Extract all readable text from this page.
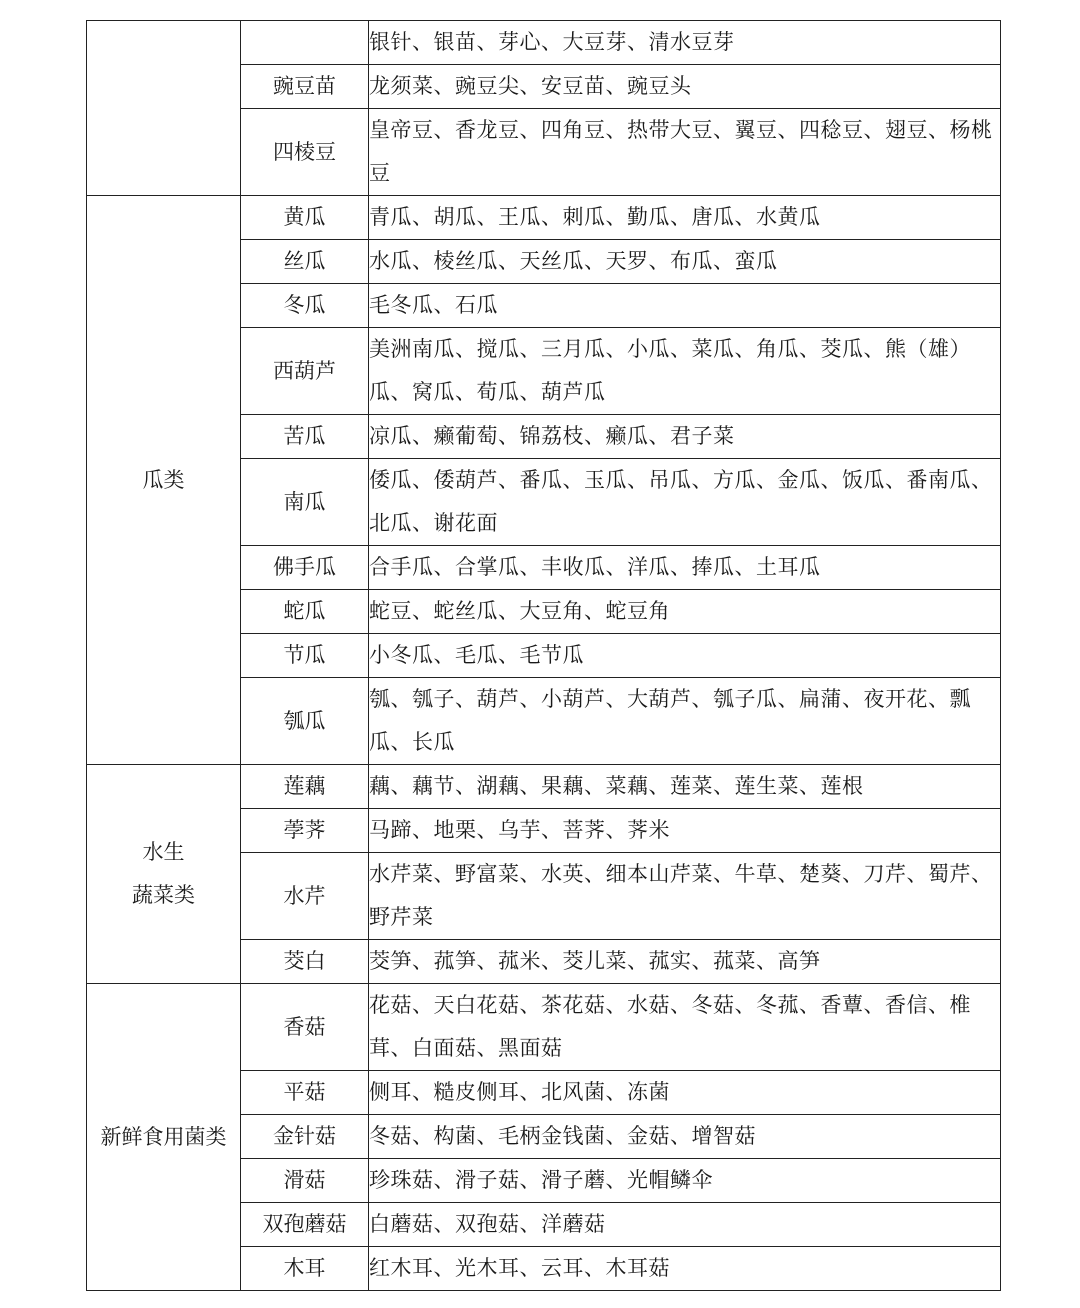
		银针、银苗、芽心、大豆芽、清水豆芽
	豌豆苗	龙须菜、豌豆尖、安豆苗、豌豆头
	四棱豆	皇帝豆、香龙豆、四角豆、热带大豆、翼豆、四稔豆、翅豆、杨桃豆

瓜类	黄瓜	青瓜、胡瓜、王瓜、刺瓜、勤瓜、唐瓜、水黄瓜
	丝瓜	水瓜、棱丝瓜、天丝瓜、天罗、布瓜、蛮瓜
	冬瓜	毛冬瓜、石瓜
	西葫芦	美洲南瓜、搅瓜、三月瓜、小瓜、菜瓜、角瓜、茭瓜、熊（雄）瓜、窝瓜、荀瓜、葫芦瓜
	苦瓜	凉瓜、癞葡萄、锦荔枝、癞瓜、君子菜
	南瓜	倭瓜、倭葫芦、番瓜、玉瓜、吊瓜、方瓜、金瓜、饭瓜、番南瓜、北瓜、谢花面
	佛手瓜	合手瓜、合掌瓜、丰收瓜、洋瓜、捧瓜、土耳瓜
	蛇瓜	蛇豆、蛇丝瓜、大豆角、蛇豆角
	节瓜	小冬瓜、毛瓜、毛节瓜
	瓠瓜	瓠、瓠子、葫芦、小葫芦、大葫芦、瓠子瓜、扁蒲、夜开花、瓢瓜、长瓜

水生
蔬菜类	莲藕	藕、藕节、湖藕、果藕、菜藕、莲菜、莲生菜、莲根
	荸荠	马蹄、地栗、乌芋、菩荠、荠米
	水芹	水芹菜、野富菜、水英、细本山芹菜、牛草、楚葵、刀芹、蜀芹、野芹菜
	茭白	茭笋、菰笋、菰米、茭儿菜、菰实、菰菜、高笋

新鲜食用菌类	香菇	花菇、天白花菇、茶花菇、水菇、冬菇、冬菰、香蕈、香信、椎茸、白面菇、黑面菇
	平菇	侧耳、糙皮侧耳、北风菌、冻菌
	金针菇	冬菇、构菌、毛柄金钱菌、金菇、增智菇
	滑菇	珍珠菇、滑子菇、滑子蘑、光帽鳞伞
	双孢蘑菇	白蘑菇、双孢菇、洋蘑菇
	木耳	红木耳、光木耳、云耳、木耳菇
